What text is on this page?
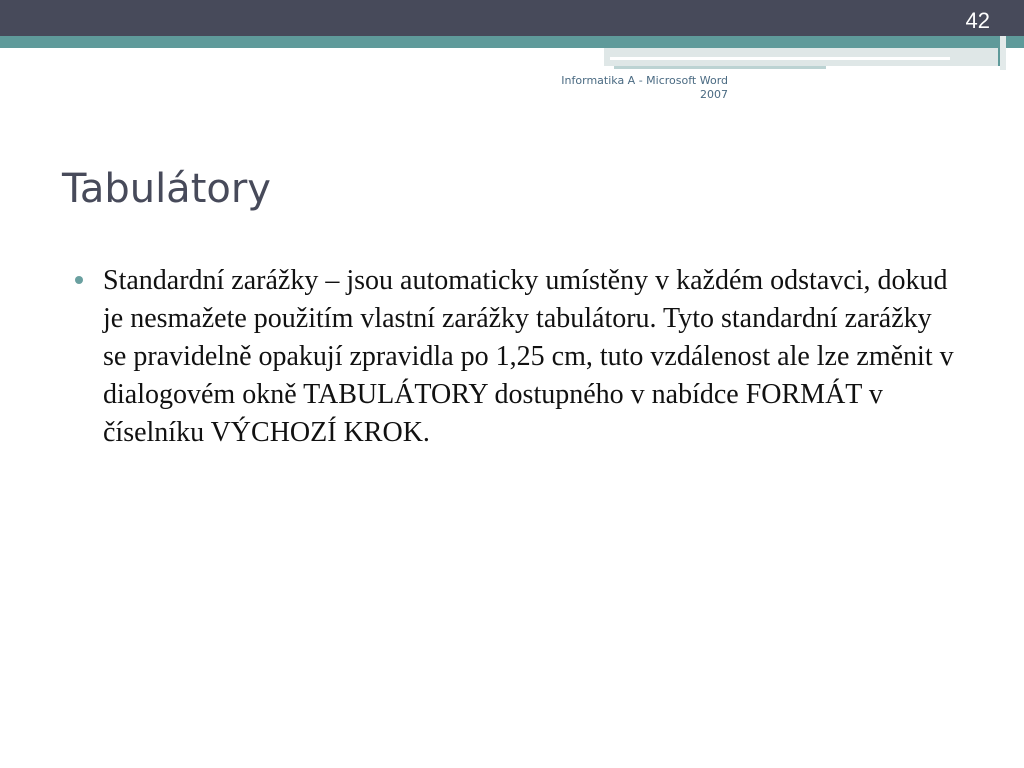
42
Informatika A - Microsoft Word 2007
Tabulátory
Standardní zarážky – jsou automaticky umístěny v každém odstavci, dokud je nesmažete použitím vlastní zarážky tabulátoru. Tyto standardní zarážky se pravidelně opakují zpravidla po 1,25 cm, tuto vzdálenost ale lze změnit v dialogovém okně TABULÁTORY dostupného v nabídce FORMÁT v číselníku VÝCHOZÍ KROK.
